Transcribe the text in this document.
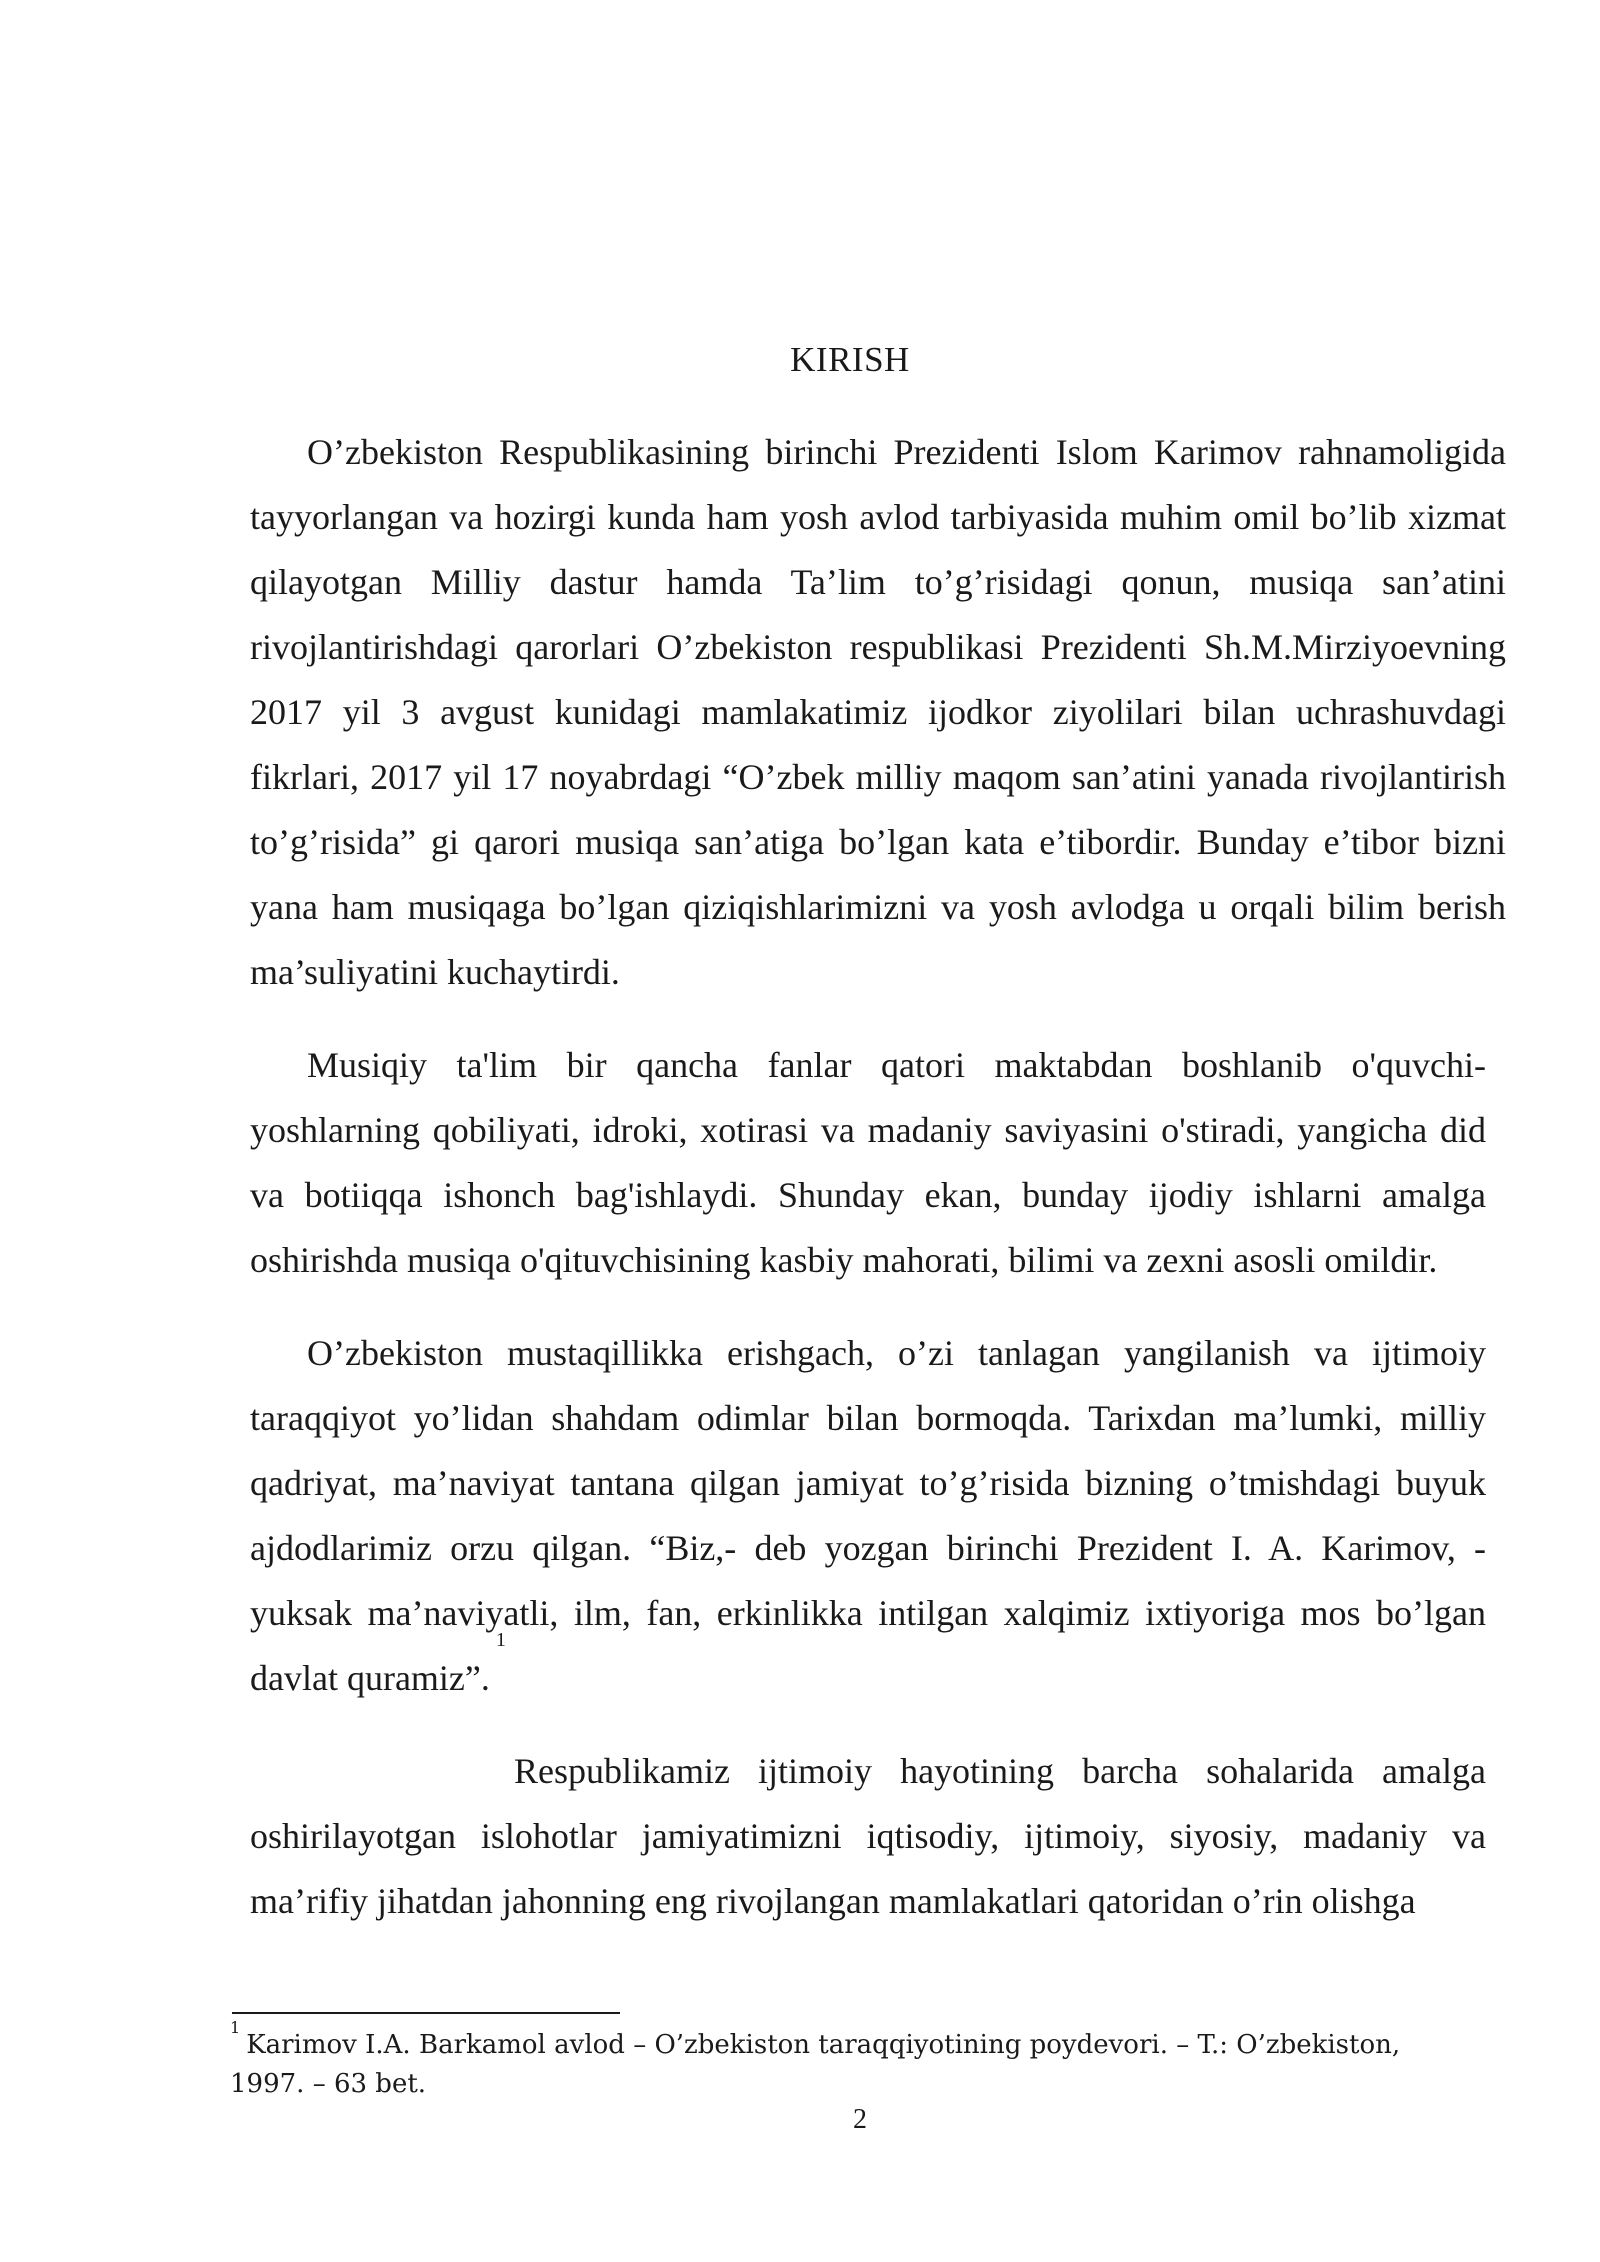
KIRISH

O’zbekiston Respublikasining birinchi Prezidenti Islom Karimov rahnamoligida tayyorlangan va hozirgi kunda ham yosh avlod tarbiyasida muhim omil bo’lib xizmat qilayotgan Milliy dastur hamda Ta’lim to’g’risidagi qonun, musiqa san’atini rivojlantirishdagi qarorlari O’zbekiston respublikasi Prezidenti Sh.M.Mirziyoevning 2017 yil 3 avgust kunidagi mamlakatimiz ijodkor ziyolilari bilan uchrashuvdagi fikrlari, 2017 yil 17 noyabrdagi “O’zbek milliy maqom san’atini yanada rivojlantirish to’g’risida” gi qarori musiqa san’atiga bo’lgan kata e’tibordir. Bunday e’tibor bizni yana ham musiqaga bo’lgan qiziqishlarimizni va yosh avlodga u orqali bilim berish ma’suliyatini kuchaytirdi.

Musiqiy ta'lim bir qancha fanlar qatori maktabdan boshlanib o'quvchi-yoshlarning qobiliyati, idroki, xotirasi va madaniy saviyasini o'stiradi, yangicha did va botiiqqa ishonch bag'ishlaydi. Shunday ekan, bunday ijodiy ishlarni amalga oshirishda musiqa o'qituvchisining kasbiy mahorati, bilimi va zexni asosli omildir.

O’zbekiston mustaqillikka erishgach, o’zi tanlagan yangilanish va ijtimoiy taraqqiyot yo’lidan shahdam odimlar bilan bormoqda. Tarixdan ma’lumki, milliy qadriyat, ma’naviyat tantana qilgan jamiyat to’g’risida bizning o’tmishdagi buyuk ajdodlarimiz orzu qilgan. “Biz,- deb yozgan birinchi Prezident I. A. Karimov, - yuksak ma’naviyatli, ilm, fan, erkinlikka intilgan xalqimiz ixtiyoriga mos bo’lgan davlat quramiz”.$^1$

Respublikamiz ijtimoiy hayotining barcha sohalarida amalga oshirilayotgan islohotlar jamiyatimizni iqtisodiy, ijtimoiy, siyosiy, madaniy va ma’rifiy jihatdan jahonning eng rivojlangan mamlakatlari qatoridan o’rin olishga

$^1$Karimov I.A. Barkamol avlod – O’zbekiston taraqqiyotining poydevori. – T.: O’zbekiston, 1997. – 63 bet.
2
